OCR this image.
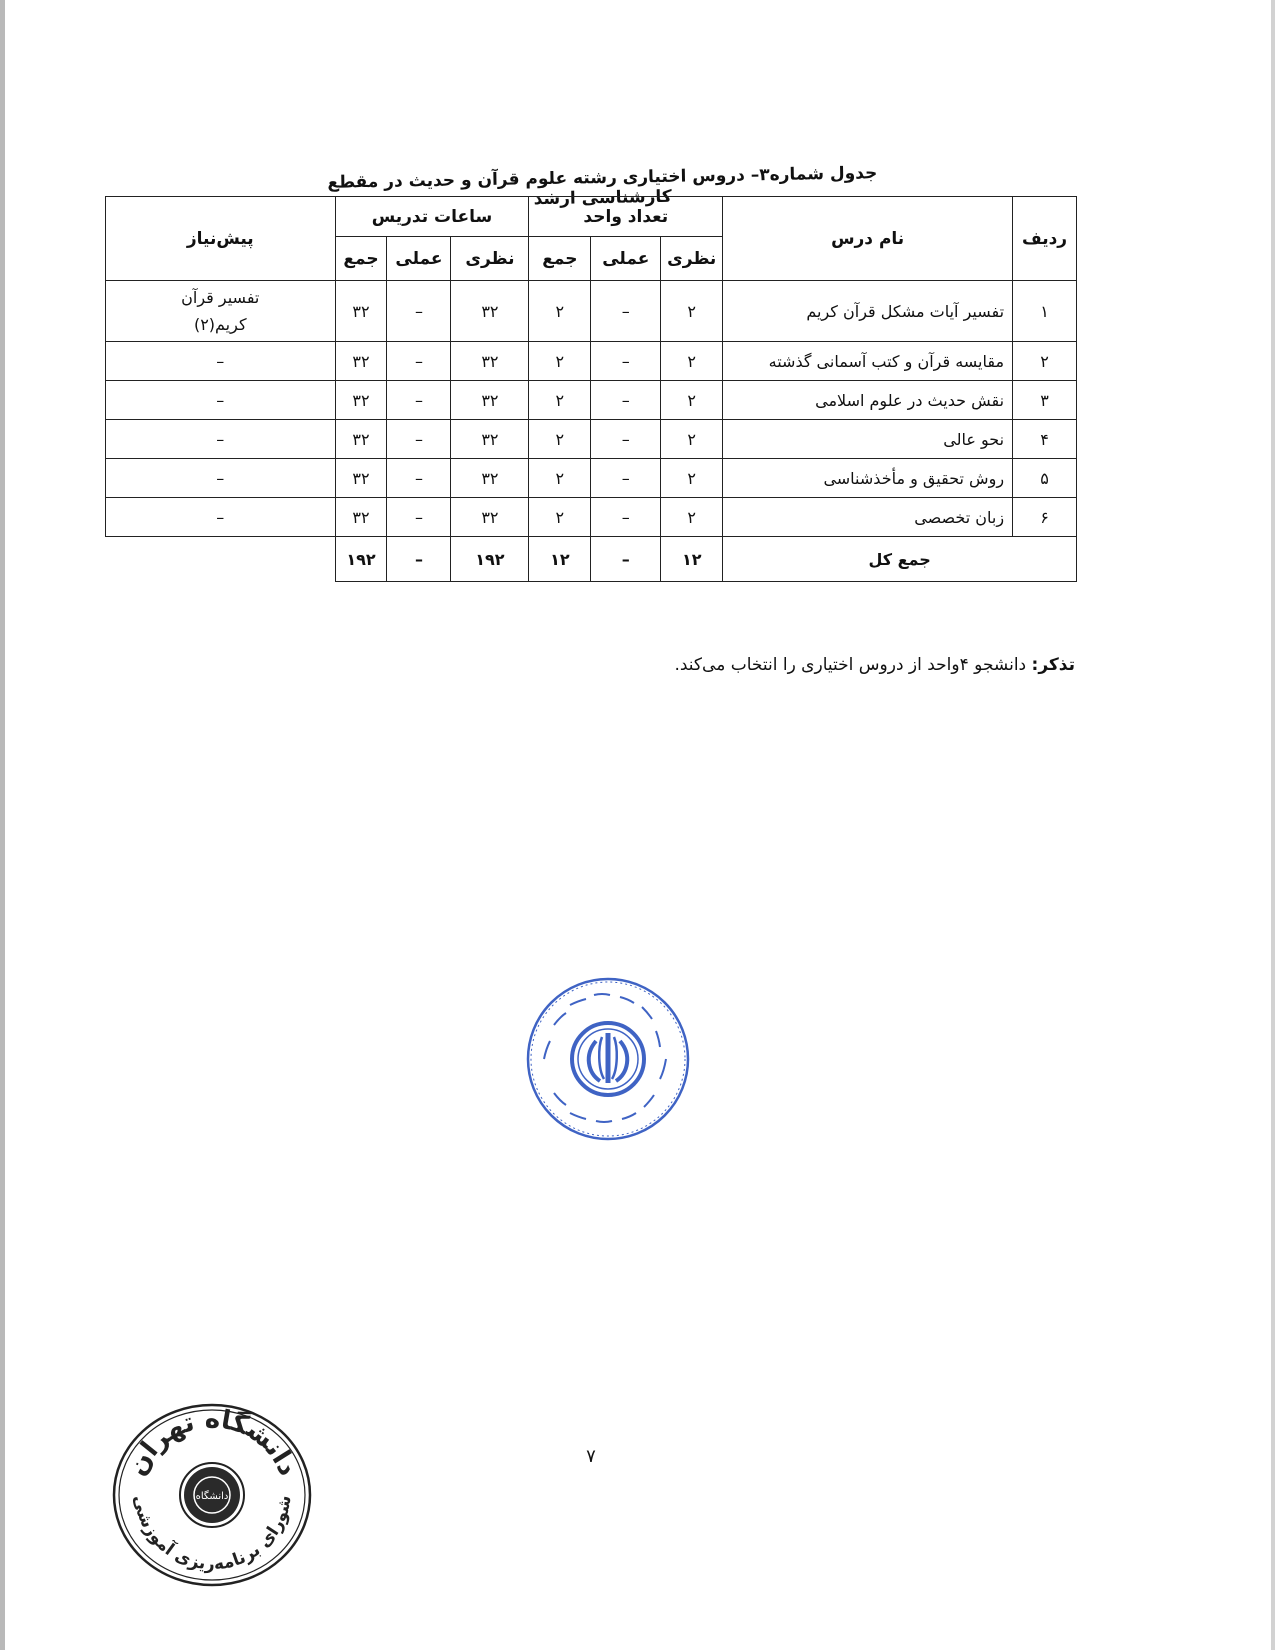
جدول شماره۳– دروس اختیاری رشته علوم قرآن و حدیث در مقطع کارشناسی ارشد
ردیف	نام درس	تعداد واحد			ساعات تدریس			پیش‌نیاز
		نظری	عملی	جمع	نظری	عملی	جمع	
۱	تفسیر آیات مشکل قرآن کریم	۲	–	۲	۳۲	–	۳۲	تفسیر قرآن
کریم(۲)

۲	مقایسه قرآن و کتب آسمانی گذشته	۲	–	۲	۳۲	–	۳۲	–
۳	نقش حدیث در علوم اسلامی	۲	–	۲	۳۲	–	۳۲	–
۴	نحو عالی	۲	–	۲	۳۲	–	۳۲	–
۵	روش تحقیق و مأخذشناسی	۲	–	۲	۳۲	–	۳۲	–
۶	زبان تخصصی	۲	–	۲	۳۲	–	۳۲	–
جمع کل		۱۲	–	۱۲	۱۹۲	–	۱۹۲	
تذکر: دانشجو ۴واحد از دروس اختیاری را انتخاب می‌کند.
۷
دانشگاه
دانشگاه تهران
شورای برنامه‌ریزی آموزشی
